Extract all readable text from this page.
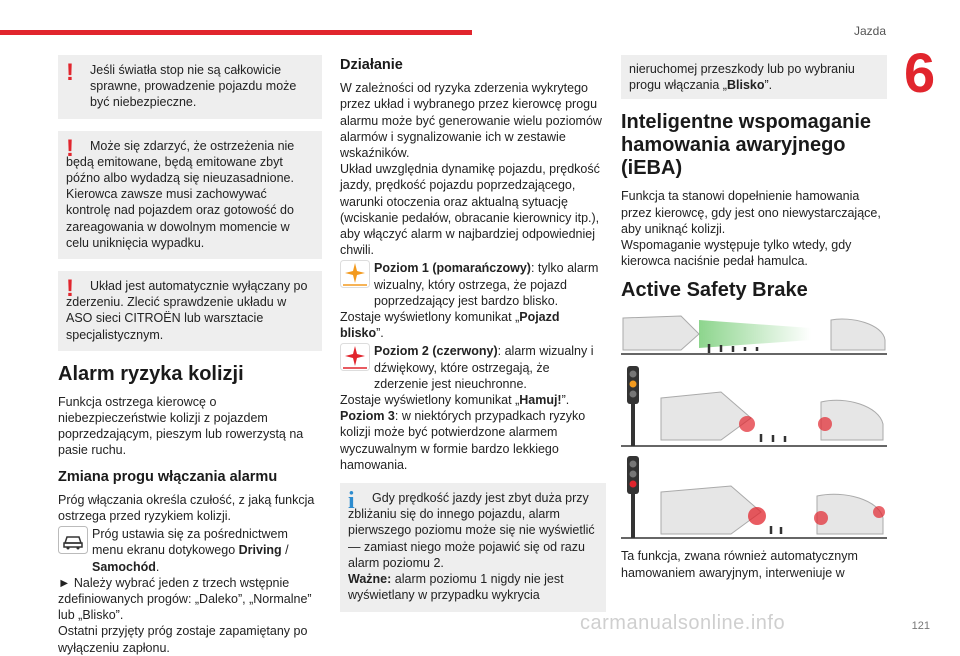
Jazda
6
!	Jeśli światła stop nie są całkowicie
sprawne, prowadzenie pojazdu może być niebezpieczne.
!	Może się zdarzyć, że ostrzeżenia nie
będą emitowane, będą emitowane zbyt późno albo wydadzą się nieuzasadnione. Kierowca zawsze musi zachowywać kontrolę nad pojazdem oraz gotowość do zareagowania w dowolnym momencie w celu uniknięcia wypadku.
!	Układ jest automatycznie wyłączany po
zderzeniu. Zlecić sprawdzenie układu w ASO sieci CITROËN lub warsztacie specjalistycznym.
Alarm ryzyka kolizji
Funkcja ostrzega kierowcę o niebezpieczeństwie kolizji z pojazdem poprzedzającym, pieszym lub rowerzystą na pasie ruchu.
Zmiana progu włączania alarmu
Próg włączania określa czułość, z jaką funkcja ostrzega przed ryzykiem kolizji.
Próg ustawia się za pośrednictwem menu ekranu dotykowego Driving / Samochód.
► Należy wybrać jeden z trzech wstępnie zdefiniowanych progów: „Daleko”, „Normalne” lub „Blisko”.
Ostatni przyjęty próg zostaje zapamiętany po wyłączeniu zapłonu.
Działanie
W zależności od ryzyka zderzenia wykrytego przez układ i wybranego przez kierowcę progu alarmu może być generowanie wielu poziomów alarmów i sygnalizowanie ich w zestawie wskaźników.
Układ uwzględnia dynamikę pojazdu, prędkość jazdy, prędkość pojazdu poprzedzającego, warunki otoczenia oraz aktualną sytuację (wciskanie pedałów, obracanie kierownicy itp.), aby włączyć alarm w najbardziej odpowiedniej chwili.
Poziom 1 (pomarańczowy): tylko alarm wizualny, który ostrzega, że pojazd poprzedzający jest bardzo blisko.
Zostaje wyświetlony komunikat „Pojazd blisko”.
Poziom 2 (czerwony): alarm wizualny i dźwiękowy, które ostrzegają, że zderzenie jest nieuchronne.
Zostaje wyświetlony komunikat „Hamuj!”.
Poziom 3: w niektórych przypadkach ryzyko kolizji może być potwierdzone alarmem wyczuwalnym w formie bardzo lekkiego hamowania.
i	Gdy prędkość jazdy jest zbyt duża przy
zbliżaniu się do innego pojazdu, alarm pierwszego poziomu może się nie wyświetlić — zamiast niego może pojawić się od razu alarm poziomu 2.
Ważne: alarm poziomu 1 nigdy nie jest wyświetlany w przypadku wykrycia
nieruchomej przeszkody lub po wybraniu progu włączania „Blisko”.
Inteligentne wspomaganie hamowania awaryjnego (iEBA)
Funkcja ta stanowi dopełnienie hamowania przez kierowcę, gdy jest ono niewystarczające, aby uniknąć kolizji.
Wspomaganie występuje tylko wtedy, gdy kierowca naciśnie pedał hamulca.
Active Safety Brake
Ta funkcja, zwana również automatycznym hamowaniem awaryjnym, interweniuje w
carmanualsonline.info	121
